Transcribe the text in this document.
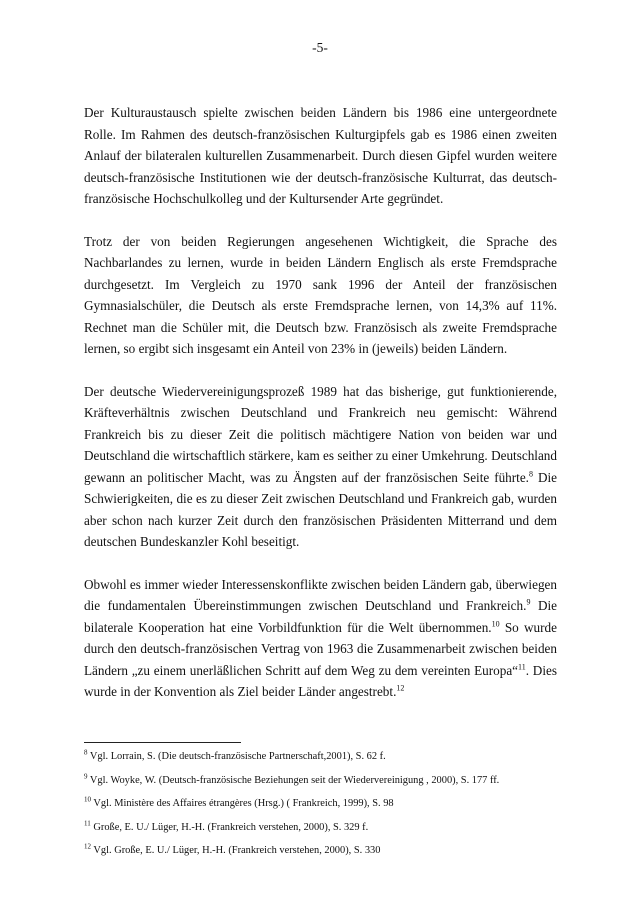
-5-

Der Kulturaustausch spielte zwischen beiden Ländern bis 1986 eine untergeordnete Rolle. Im Rahmen des deutsch-französischen Kulturgipfels gab es 1986 einen zweiten Anlauf der bilateralen kulturellen Zusammenarbeit. Durch diesen Gipfel wurden weitere deutsch-französische Institutionen wie der deutsch-französische Kulturrat, das deutsch-französische Hochschulkolleg und der Kultursender Arte gegründet.

Trotz der von beiden Regierungen angesehenen Wichtigkeit, die Sprache des Nachbarlandes zu lernen, wurde in beiden Ländern Englisch als erste Fremdsprache durchgesetzt. Im Vergleich zu 1970 sank 1996 der Anteil der französischen Gymnasialschüler, die Deutsch als erste Fremdsprache lernen, von 14,3% auf 11%. Rechnet man die Schüler mit, die Deutsch bzw. Französisch als zweite Fremdsprache lernen, so ergibt sich insgesamt ein Anteil von 23% in (jeweils) beiden Ländern.

Der deutsche Wiedervereinigungsprozeß 1989 hat das bisherige, gut funktionierende, Kräfteverhältnis zwischen Deutschland und Frankreich neu gemischt: Während Frankreich bis zu dieser Zeit die politisch mächtigere Nation von beiden war und Deutschland die wirtschaftlich stärkere, kam es seither zu einer Umkehrung. Deutschland gewann an politischer Macht, was zu Ängsten auf der französischen Seite führte.$^8$ Die Schwierigkeiten, die es zu dieser Zeit zwischen Deutschland und Frankreich gab, wurden aber schon nach kurzer Zeit durch den französischen Präsidenten Mitterrand und dem deutschen Bundeskanzler Kohl beseitigt.

Obwohl es immer wieder Interessenskonflikte zwischen beiden Ländern gab, überwiegen die fundamentalen Übereinstimmungen zwischen Deutschland und Frankreich.$^9$ Die bilaterale Kooperation hat eine Vorbildfunktion für die Welt übernommen.$^{10}$ So wurde durch den deutsch-französischen Vertrag von 1963 die Zusammenarbeit zwischen beiden Ländern „zu einem unerläßlichen Schritt auf dem Weg zu dem vereinten Europa“$^{11}$. Dies wurde in der Konvention als Ziel beider Länder angestrebt.$^{12}$

$^8$ Vgl. Lorrain, S. (Die deutsch-französische Partnerschaft,2001), S. 62 f.
$^9$ Vgl. Woyke, W. (Deutsch-französische Beziehungen seit der Wiedervereinigung , 2000), S. 177 ff.
$^{10}$ Vgl. Ministère des Affaires étrangères (Hrsg.) ( Frankreich, 1999), S. 98
$^{11}$ Große, E. U./ Lüger, H.-H. (Frankreich verstehen, 2000), S. 329 f.
$^{12}$ Vgl. Große, E. U./ Lüger, H.-H. (Frankreich verstehen, 2000), S. 330
